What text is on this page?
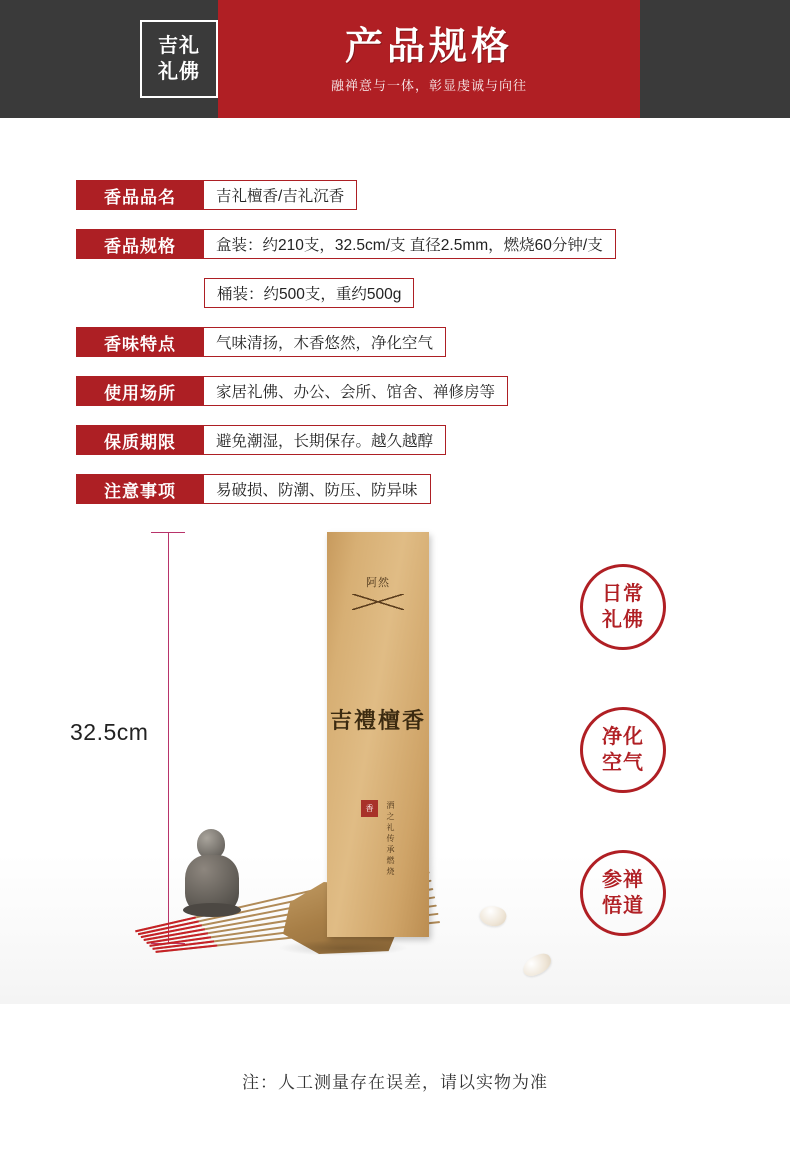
吉礼
礼佛
产品规格
融禅意与一体，彰显虔诚与向往
香品品名	吉礼檀香/吉礼沉香
香品规格	盒装：约210支，32.5cm/支 直径2.5mm，燃烧60分钟/支
桶装：约500支，重约500g
香味特点	气味清扬，木香悠然，净化空气
使用场所	家居礼佛、办公、会所、馆舍、禅修房等
保质期限	避免潮湿，长期保存。越久越醇
注意事项	易破损、防潮、防压、防异味
32.5cm
阿然
吉禮檀香
香	洒之礼 传承燃烧
日常
礼佛
净化
空气
参禅
悟道
注：人工测量存在误差，请以实物为准
